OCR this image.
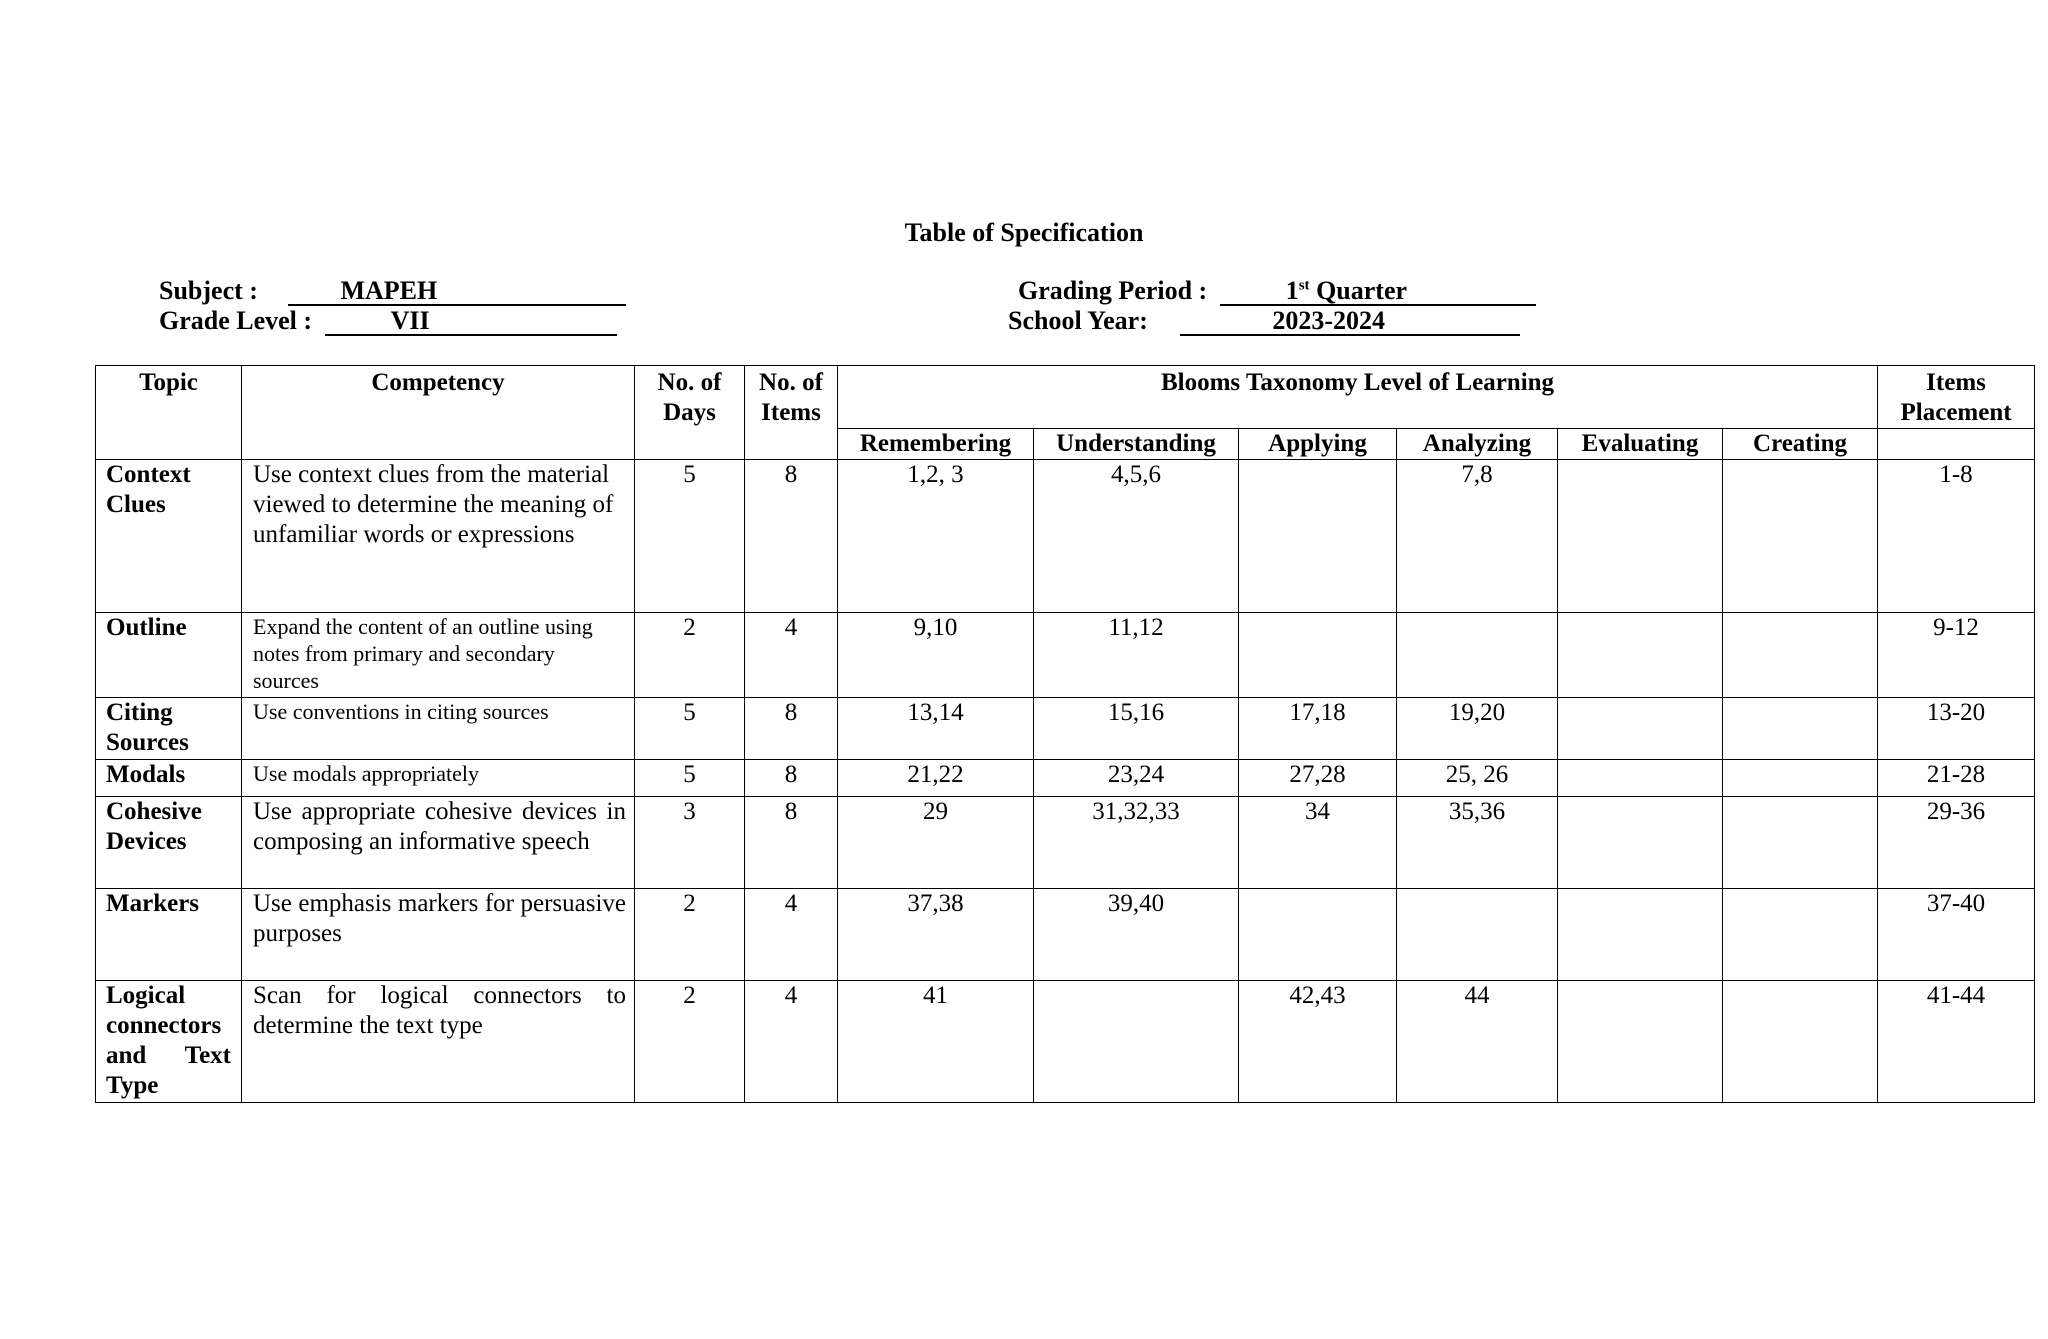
Table of Specification
Subject :	MAPEH
Grade Level :	VII
Grading Period :	1st Quarter
School Year:	2023-2024
Topic	Competency	No. of Days	No. of Items	Blooms Taxonomy Level of Learning						Items Placement
				Remembering	Understanding	Applying	Analyzing	Evaluating	Creating	
Context Clues	Use context clues from the material viewed to determine the meaning of unfamiliar words or expressions	5	8	1,2, 3	4,5,6		7,8			1-8
Outline	Expand the content of an outline using notes from primary and secondary sources	2	4	9,10	11,12					9-12
Citing Sources	Use conventions in citing sources	5	8	13,14	15,16	17,18	19,20			13-20
Modals	Use modals appropriately	5	8	21,22	23,24	27,28	25, 26			21-28
Cohesive Devices	Use appropriate cohesive devices in composing an informative speech	3	8	29	31,32,33	34	35,36			29-36
Markers	Use emphasis markers for persuasive purposes	2	4	37,38	39,40					37-40
Logical connectors and Text Type	Scan for logical connectors to determine the text type	2	4	41		42,43	44			41-44
